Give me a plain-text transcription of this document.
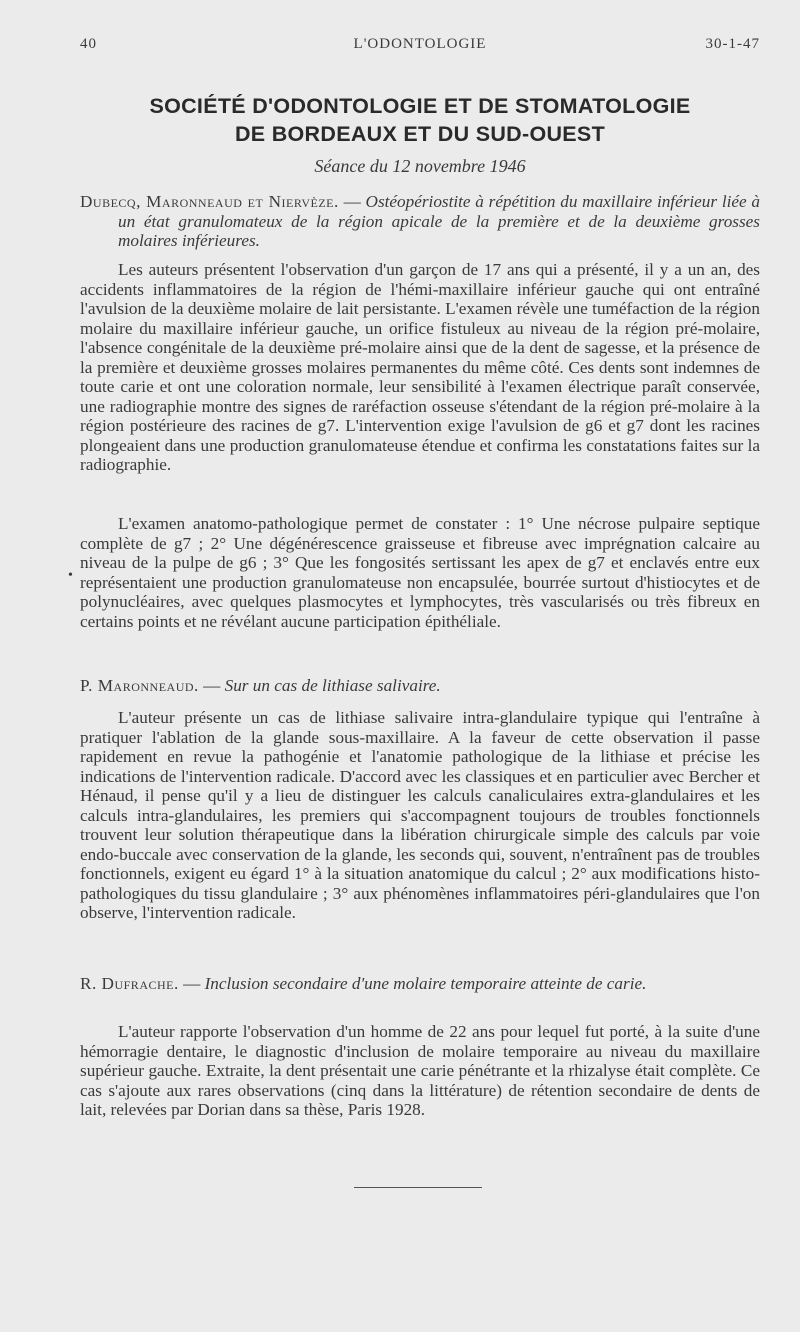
40	L'ODONTOLOGIE	30-1-47
SOCIÉTÉ D'ODONTOLOGIE ET DE STOMATOLOGIE
DE BORDEAUX ET DU SUD-OUEST
Séance du 12 novembre 1946

Dubecq, Maronneaud et Niervèze. — Ostéopériostite à répétition du maxillaire inférieur liée à un état granulomateux de la région apicale de la première et de la deuxième grosses molaires inférieures.

Les auteurs présentent l'observation d'un garçon de 17 ans qui a présenté, il y a un an, des accidents inflammatoires de la région de l'hémi-maxillaire inférieur gauche qui ont entraîné l'avulsion de la deuxième molaire de lait persistante. L'examen révèle une tuméfaction de la région molaire du maxillaire inférieur gauche, un orifice fistuleux au niveau de la région pré-molaire, l'absence congénitale de la deuxième pré-molaire ainsi que de la dent de sagesse, et la présence de la première et deuxième grosses molaires permanentes du même côté. Ces dents sont indemnes de toute carie et ont une coloration normale, leur sensibilité à l'examen électrique paraît conservée, une radiographie montre des signes de raréfaction osseuse s'étendant de la région pré-molaire à la région postérieure des racines de g7. L'intervention exige l'avulsion de g6 et g7 dont les racines plongeaient dans une production granulomateuse étendue et confirma les constatations faites sur la radiographie.

L'examen anatomo-pathologique permet de constater : 1° Une nécrose pulpaire septique complète de g7 ; 2° Une dégénérescence graisseuse et fibreuse avec imprégnation calcaire au niveau de la pulpe de g6 ; 3° Que les fongosités sertissant les apex de g7 et enclavés entre eux représentaient une production granulomateuse non encapsulée, bourrée surtout d'histiocytes et de polynucléaires, avec quelques plasmocytes et lymphocytes, très vascularisés ou très fibreux en certains points et ne révélant aucune participation épithéliale.

•

P. Maronneaud. — Sur un cas de lithiase salivaire.

L'auteur présente un cas de lithiase salivaire intra-glandulaire typique qui l'entraîne à pratiquer l'ablation de la glande sous-maxillaire. A la faveur de cette observation il passe rapidement en revue la pathogénie et l'anatomie pathologique de la lithiase et précise les indications de l'intervention radicale. D'accord avec les classiques et en particulier avec Bercher et Hénaud, il pense qu'il y a lieu de distinguer les calculs canaliculaires extra-glandulaires et les calculs intra-glandulaires, les premiers qui s'accompagnent toujours de troubles fonctionnels trouvent leur solution thérapeutique dans la libération chirurgicale simple des calculs par voie endo-buccale avec conservation de la glande, les seconds qui, souvent, n'entraînent pas de troubles fonctionnels, exigent eu égard 1° à la situation anatomique du calcul ; 2° aux modifications histo-pathologiques du tissu glandulaire ; 3° aux phénomènes inflammatoires péri-glandulaires que l'on observe, l'intervention radicale.

R. Dufrache. — Inclusion secondaire d'une molaire temporaire atteinte de carie.

L'auteur rapporte l'observation d'un homme de 22 ans pour lequel fut porté, à la suite d'une hémorragie dentaire, le diagnostic d'inclusion de molaire temporaire au niveau du maxillaire supérieur gauche. Extraite, la dent présentait une carie pénétrante et la rhizalyse était complète. Ce cas s'ajoute aux rares observations (cinq dans la littérature) de rétention secondaire de dents de lait, relevées par Dorian dans sa thèse, Paris 1928.
